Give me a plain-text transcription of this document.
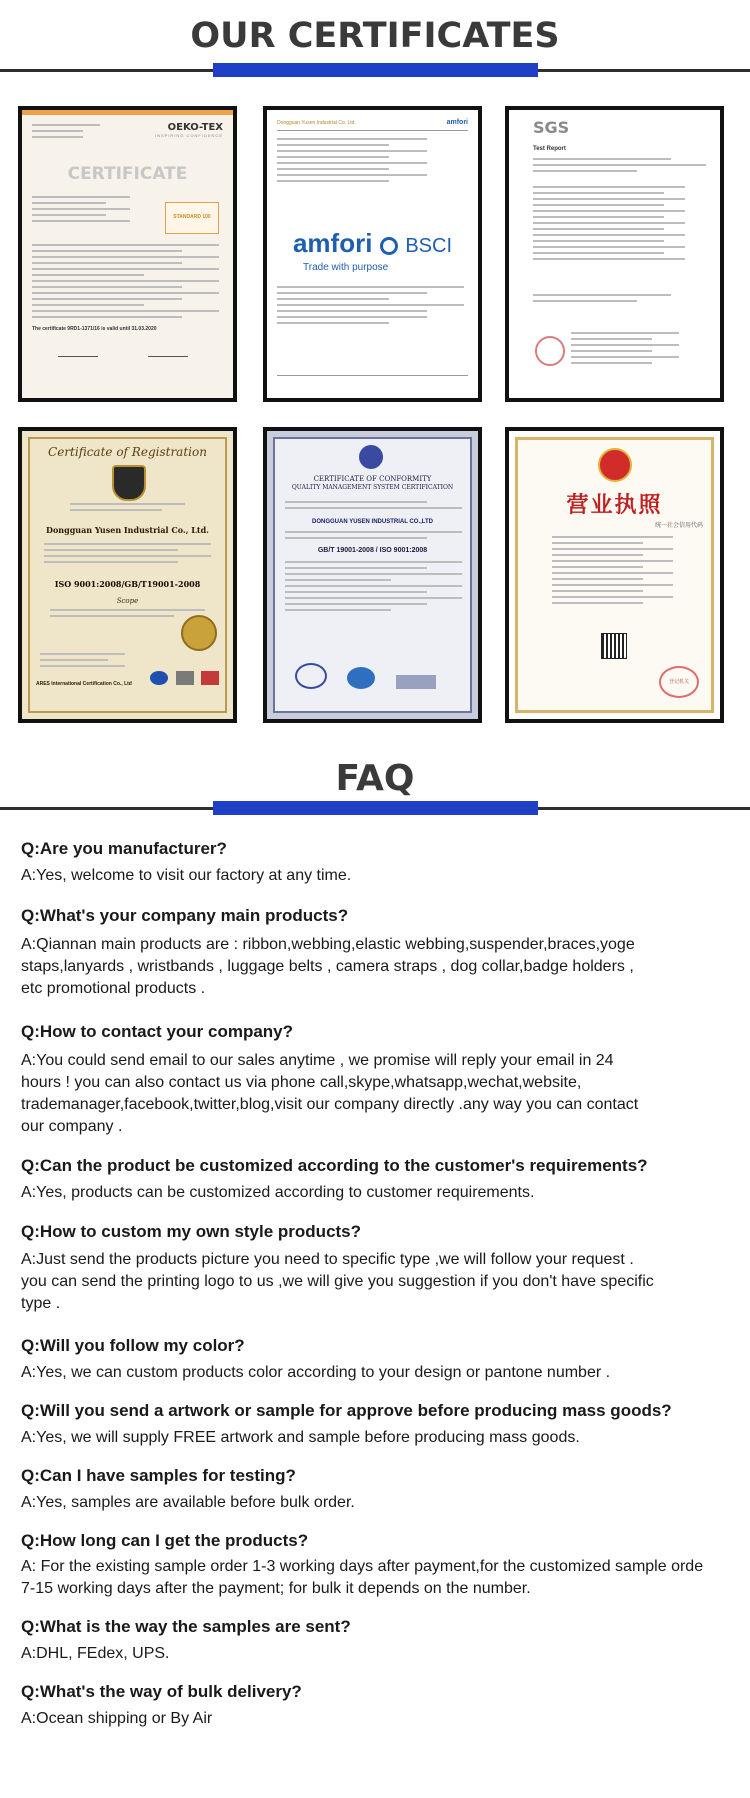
OUR CERTIFICATES
OEKO-TEX
INSPIRING CONFIDENCE
CERTIFICATE
STANDARD 100
The certificate 9RD1-1371/16 is valid until 31.03.2020
Dongguan Yusen Industrial Co. Ltd.	amfori
amfori BSCI
Trade with purpose
SGS
Test Report
Certificate of Registration
Dongguan Yusen Industrial Co., Ltd.
ISO 9001:2008/GB/T19001-2008
Scope
ARES International Certification Co., Ltd

CERTIFICATE OF CONFORMITY
QUALITY MANAGEMENT SYSTEM CERTIFICATION
DONGGUAN YUSEN INDUSTRIAL CO.,LTD
GB/T 19001-2008 / ISO 9001:2008

营业执照
统一社会信用代码
登记机关
FAQ
Q:Are you manufacturer?
A:Yes, welcome to visit our factory at any time.
Q:What's your company main products?
A:Qiannan main products are : ribbon,webbing,elastic webbing,suspender,braces,yoge
staps,lanyards , wristbands , luggage belts , camera straps , dog collar,badge holders ,
etc promotional products .
Q:How to contact your company?
A:You could send email to our sales anytime , we promise will reply your email in 24
hours ! you can also contact us via phone call,skype,whatsapp,wechat,website,
trademanager,facebook,twitter,blog,visit our company directly .any way you can contact
our company .
Q:Can the product be customized according to the customer's requirements?
A:Yes, products can be customized according to customer requirements.
Q:How to custom my own style products?
A:Just send the products picture you need to specific type ,we will follow your request .
you can send the printing logo to us ,we will give you suggestion if you don't have specific
type .
Q:Will you follow my color?
A:Yes, we can custom products color according to your design or pantone number .
Q:Will you send a artwork or sample for approve before producing mass goods?
A:Yes, we will supply FREE artwork and sample before producing mass goods.
Q:Can I have samples for testing?
A:Yes, samples are available before bulk order.
Q:How long can I get the products?
A: For the existing sample order 1-3 working days after payment,for the customized sample orde
7-15 working days after the payment; for bulk it depends on the number.
Q:What is the way the samples are sent?
A:DHL, FEdex, UPS.
Q:What's the way of bulk delivery?
A:Ocean shipping or By Air
